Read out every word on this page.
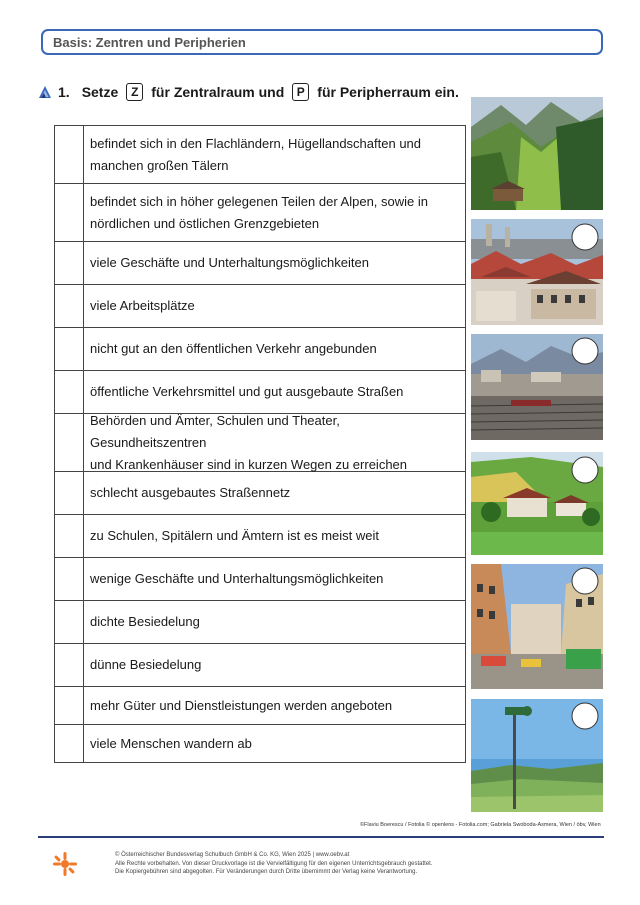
Basis: Zentren und Peripherien
1. Setze	Z für Zentralraum und	P für Peripherraum ein.
befindet sich in den Flachländern, Hügellandschaften und
manchen großen Tälern
befindet sich in höher gelegenen Teilen der Alpen, sowie in
nördlichen und östlichen Grenzgebieten
viele Geschäfte und Unterhaltungsmöglichkeiten
viele Arbeitsplätze
nicht gut an den öffentlichen Verkehr angebunden
öffentliche Verkehrsmittel und gut ausgebaute Straßen
Behörden und Ämter, Schulen und Theater, Gesundheitszentren
und Krankenhäuser sind in kurzen Wegen zu erreichen
schlecht ausgebautes Straßennetz
zu Schulen, Spitälern und Ämtern ist es meist weit
wenige Geschäfte und Unterhaltungsmöglichkeiten
dichte Besiedelung
dünne Besiedelung
mehr Güter und Dienstleistungen werden angeboten
viele Menschen wandern ab
©Flaviu Boerescu / Fotolia © openlens - Fotolia.com; Gabriela Swoboda-Asmera, Wien / öbv, Wien
© Österreichischer Bundesverlag Schulbuch GmbH & Co. KG, Wien 2025 | www.oebv.at
Alle Rechte vorbehalten. Von dieser Druckvorlage ist die Vervielfältigung für den eigenen Unterrichtsgebrauch gestattet.
Die Kopiergebühren sind abgegolten. Für Veränderungen durch Dritte übernimmt der Verlag keine Verantwortung.
